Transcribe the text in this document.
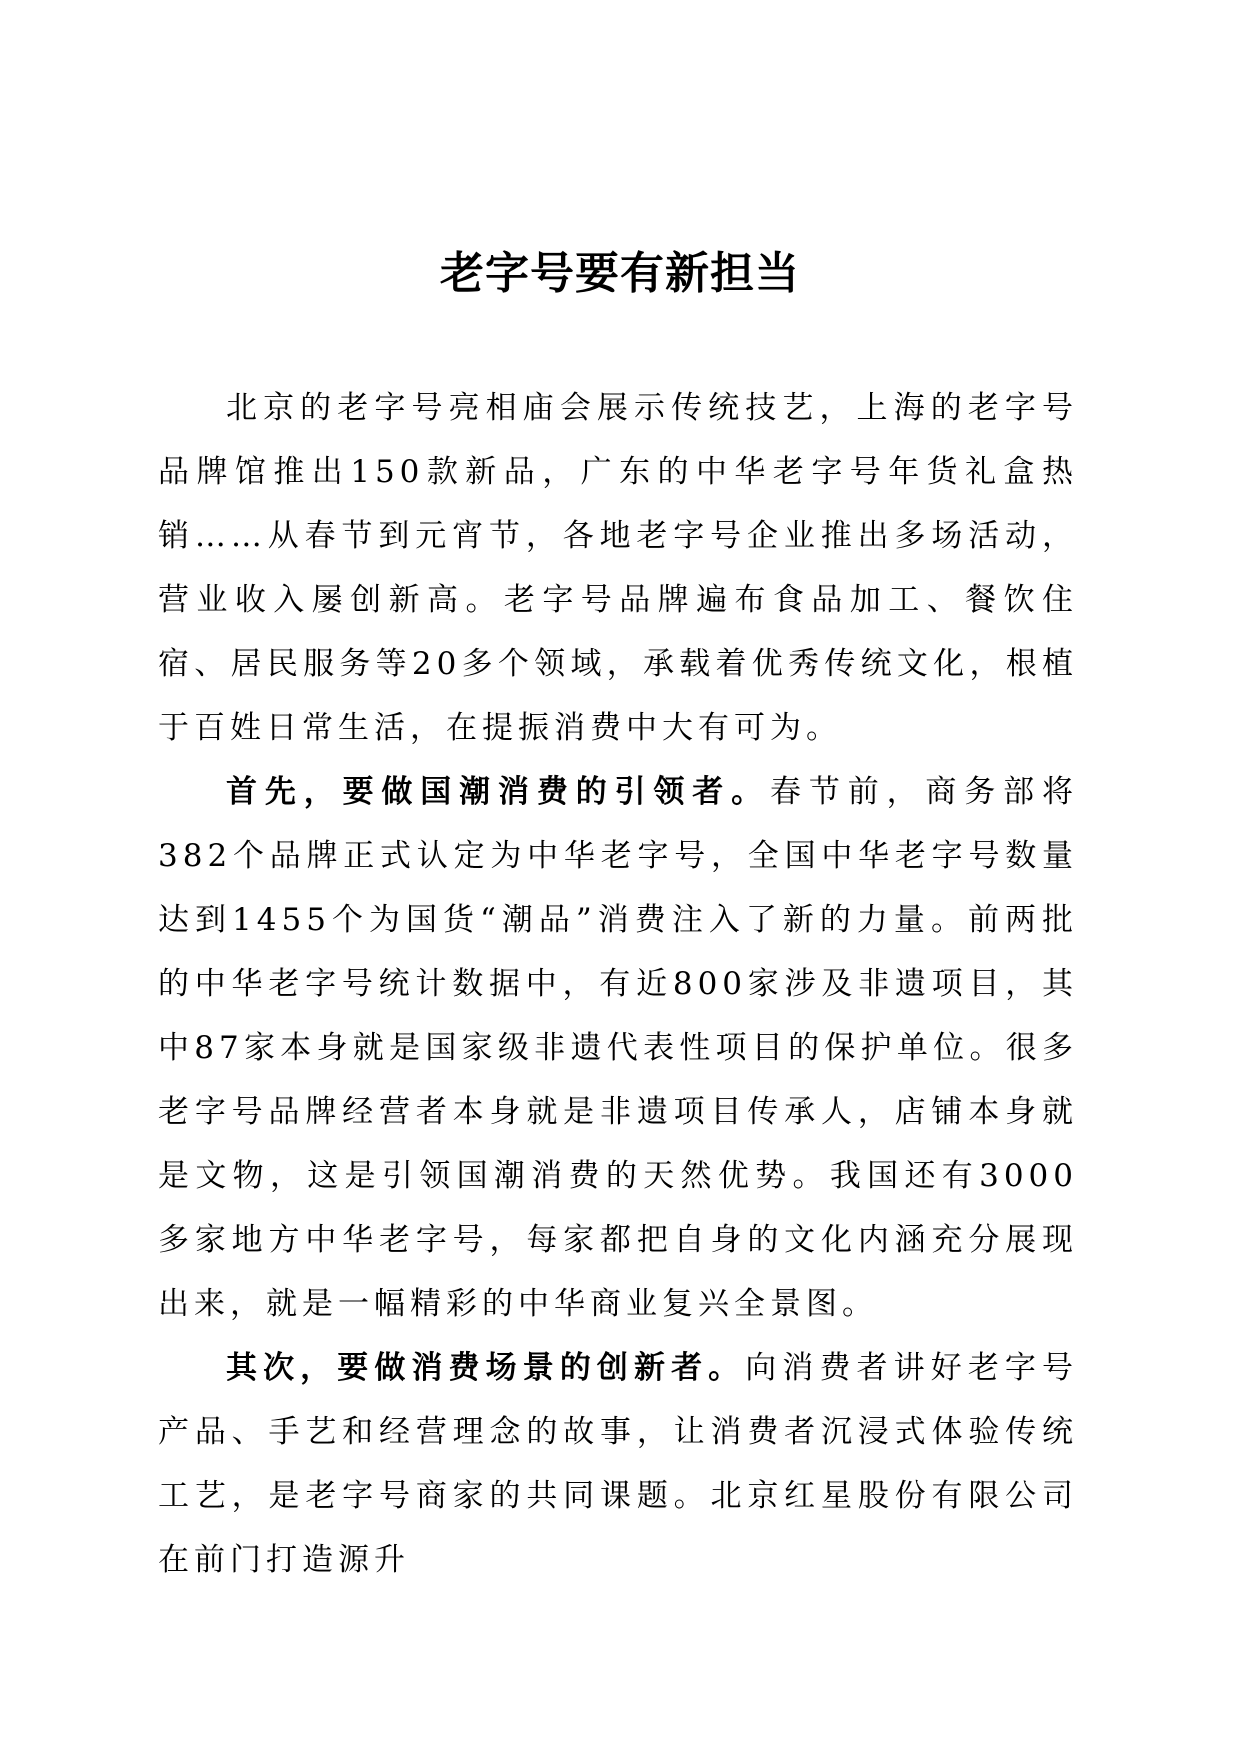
老字号要有新担当

北京的老字号亮相庙会展示传统技艺，上海的老字号品牌馆推出150款新品，广东的中华老字号年货礼盒热销……从春节到元宵节，各地老字号企业推出多场活动，营业收入屡创新高。老字号品牌遍布食品加工、餐饮住宿、居民服务等20多个领域，承载着优秀传统文化，根植于百姓日常生活，在提振消费中大有可为。

首先，要做国潮消费的引领者。春节前，商务部将382个品牌正式认定为中华老字号，全国中华老字号数量达到1455个为国货“潮品”消费注入了新的力量。前两批的中华老字号统计数据中，有近800家涉及非遗项目，其中87家本身就是国家级非遗代表性项目的保护单位。很多老字号品牌经营者本身就是非遗项目传承人，店铺本身就是文物，这是引领国潮消费的天然优势。我国还有3000多家地方中华老字号，每家都把自身的文化内涵充分展现出来，就是一幅精彩的中华商业复兴全景图。

其次，要做消费场景的创新者。向消费者讲好老字号产品、手艺和经营理念的故事，让消费者沉浸式体验传统工艺，是老字号商家的共同课题。北京红星股份有限公司在前门打造源升
